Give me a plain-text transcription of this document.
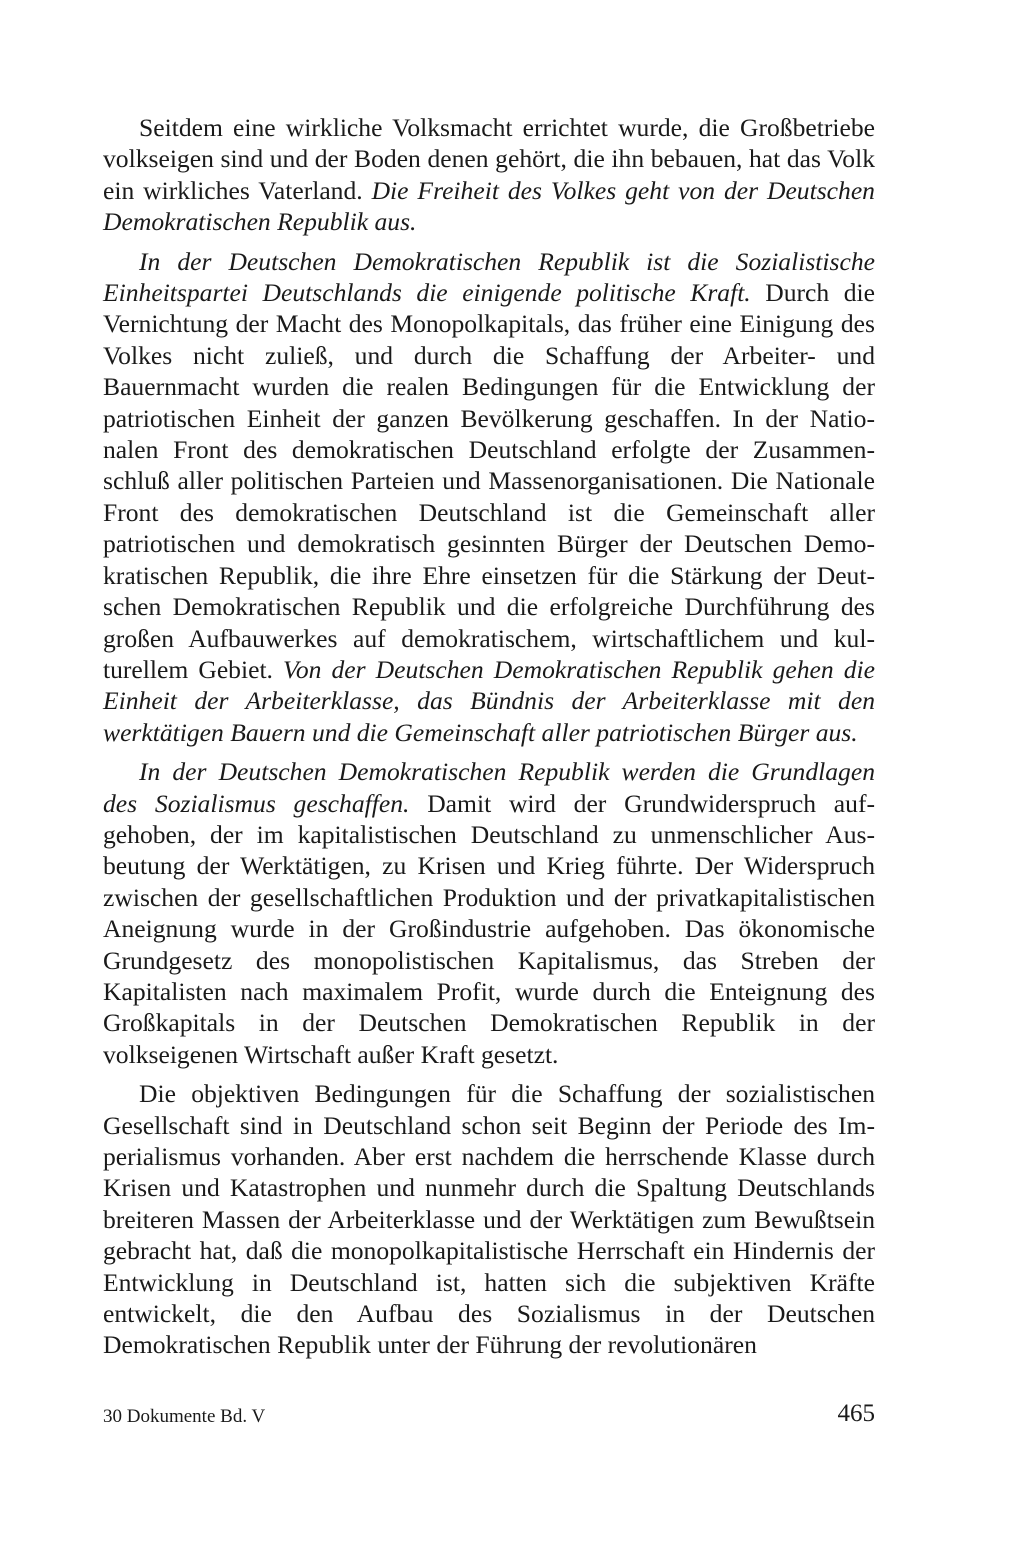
Seitdem eine wirkliche Volksmacht errichtet wurde, die Großbetriebe volkseigen sind und der Boden denen gehört, die ihn bebauen, hat das Volk ein wirkliches Vaterland. Die Freiheit des Volkes geht von der Deutschen Demokratischen Republik aus.

In der Deutschen Demokratischen Republik ist die Sozialistische Einheitspartei Deutschlands die einigende politische Kraft. Durch die Vernichtung der Macht des Monopolkapitals, das früher eine Einigung des Volkes nicht zuließ, und durch die Schaffung der Arbeiter- und Bauernmacht wurden die realen Bedingungen für die Entwicklung der patriotischen Einheit der ganzen Bevölkerung geschaffen. In der Nationalen Front des demokratischen Deutschland erfolgte der Zusammenschluß aller politischen Parteien und Massenorganisationen. Die Nationale Front des demokratischen Deutschland ist die Gemeinschaft aller patriotischen und demokratisch gesinnten Bürger der Deutschen Demokratischen Republik, die ihre Ehre einsetzen für die Stärkung der Deutschen Demokratischen Republik und die erfolgreiche Durchführung des großen Aufbauwerkes auf demokratischem, wirtschaftlichem und kulturellem Gebiet. Von der Deutschen Demokratischen Republik gehen die Einheit der Arbeiterklasse, das Bündnis der Arbeiterklasse mit den werktätigen Bauern und die Gemeinschaft aller patriotischen Bürger aus.

In der Deutschen Demokratischen Republik werden die Grundlagen des Sozialismus geschaffen. Damit wird der Grundwiderspruch aufgehoben, der im kapitalistischen Deutschland zu unmenschlicher Ausbeutung der Werktätigen, zu Krisen und Krieg führte. Der Widerspruch zwischen der gesellschaftlichen Produktion und der privatkapitalistischen Aneignung wurde in der Großindustrie aufgehoben. Das ökonomische Grundgesetz des monopolistischen Kapitalismus, das Streben der Kapitalisten nach maximalem Profit, wurde durch die Enteignung des Großkapitals in der Deutschen Demokratischen Republik in der volkseigenen Wirtschaft außer Kraft gesetzt.

Die objektiven Bedingungen für die Schaffung der sozialistischen Gesellschaft sind in Deutschland schon seit Beginn der Periode des Imperialismus vorhanden. Aber erst nachdem die herrschende Klasse durch Krisen und Katastrophen und nunmehr durch die Spaltung Deutschlands breiteren Massen der Arbeiterklasse und der Werktätigen zum Bewußtsein gebracht hat, daß die monopolkapitalistische Herrschaft ein Hindernis der Entwicklung in Deutschland ist, hatten sich die subjektiven Kräfte entwickelt, die den Aufbau des Sozialismus in der Deutschen Demokratischen Republik unter der Führung der revolutionären

30 Dokumente Bd. V	465
